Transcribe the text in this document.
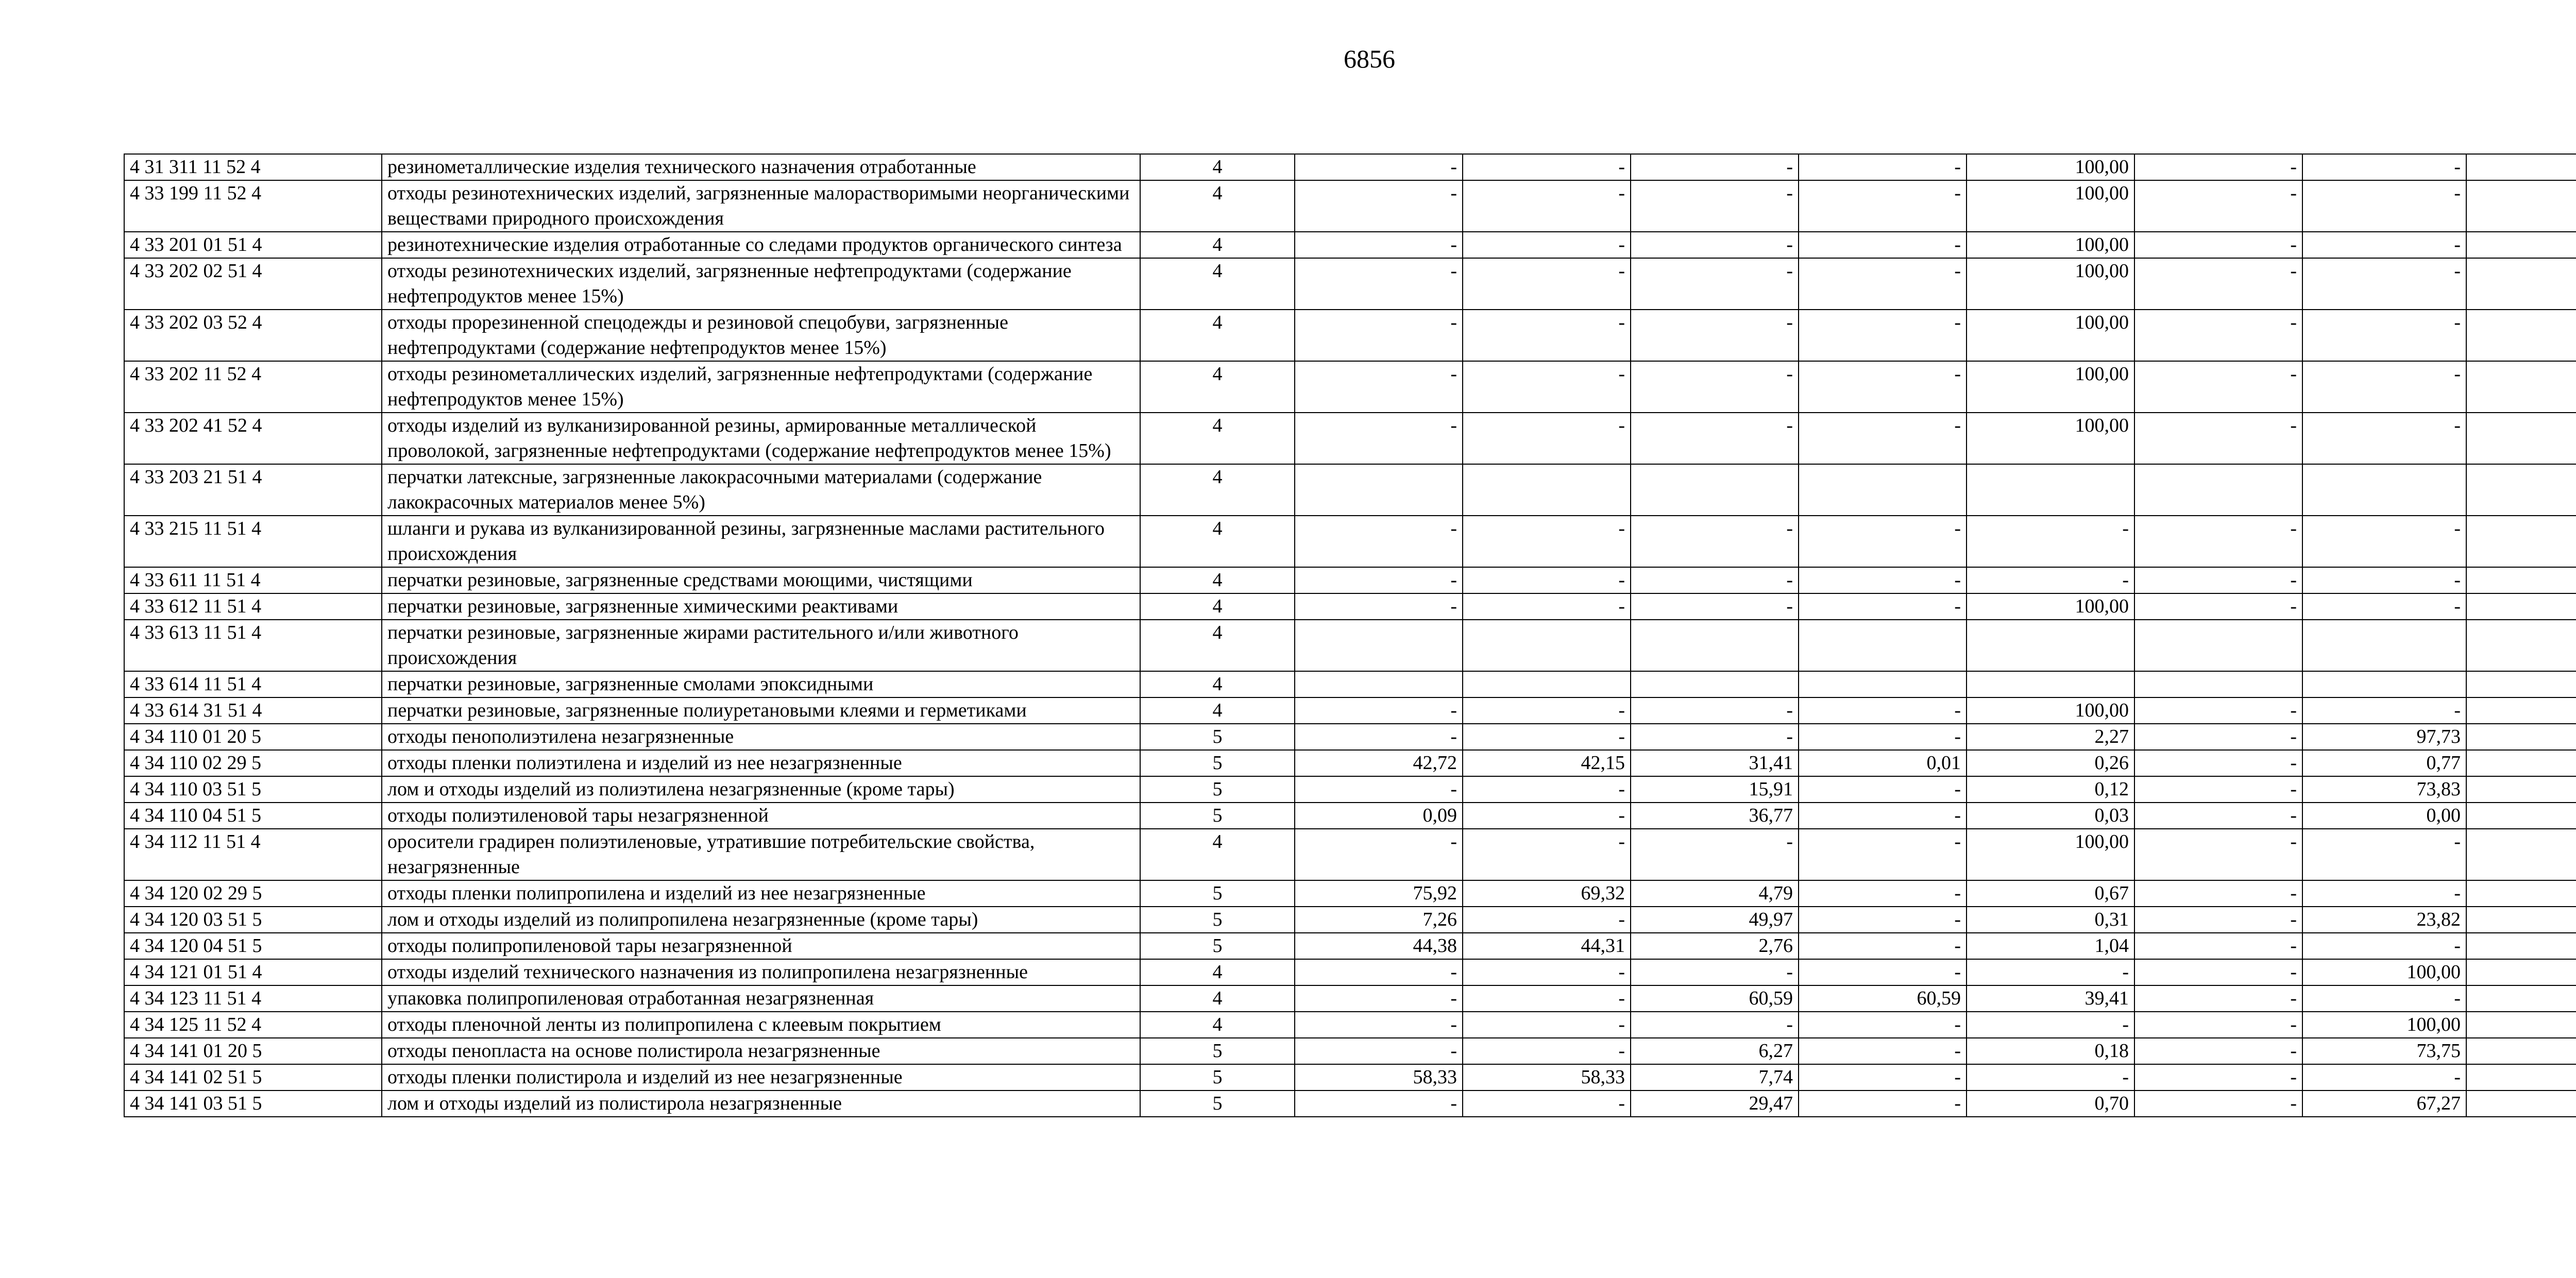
6856
4 31 311 11 52 4	резинометаллические изделия технического назначения отработанные	4	-	-	-	-	100,00	-	-	
4 33 199 11 52 4	отходы резинотехнических изделий, загрязненные малорастворимыми неорганическими веществами природного происхождения	4	-	-	-	-	100,00	-	-	
4 33 201 01 51 4	резинотехнические изделия отработанные со следами продуктов органического синтеза	4	-	-	-	-	100,00	-	-	
4 33 202 02 51 4	отходы резинотехнических изделий, загрязненные нефтепродуктами (содержание нефтепродуктов менее 15%)	4	-	-	-	-	100,00	-	-	
4 33 202 03 52 4	отходы прорезиненной спецодежды и резиновой спецобуви, загрязненные нефтепродуктами (содержание нефтепродуктов менее 15%)	4	-	-	-	-	100,00	-	-	
4 33 202 11 52 4	отходы резинометаллических изделий, загрязненные нефтепродуктами (содержание нефтепродуктов менее 15%)	4	-	-	-	-	100,00	-	-	
4 33 202 41 52 4	отходы изделий из вулканизированной резины, армированные металлической проволокой, загрязненные нефтепродуктами (содержание нефтепродуктов менее 15%)	4	-	-	-	-	100,00	-	-	
4 33 203 21 51 4	перчатки латексные, загрязненные лакокрасочными материалами (содержание лакокрасочных материалов менее 5%)	4								
4 33 215 11 51 4	шланги и рукава из вулканизированной резины, загрязненные маслами растительного происхождения	4	-	-	-	-	-	-	-	
4 33 611 11 51 4	перчатки резиновые, загрязненные средствами моющими, чистящими	4	-	-	-	-	-	-	-	
4 33 612 11 51 4	перчатки резиновые, загрязненные химическими реактивами	4	-	-	-	-	100,00	-	-	
4 33 613 11 51 4	перчатки резиновые, загрязненные жирами растительного и/или животного происхождения	4								
4 33 614 11 51 4	перчатки резиновые, загрязненные смолами эпоксидными	4								
4 33 614 31 51 4	перчатки резиновые, загрязненные полиуретановыми клеями и герметиками	4	-	-	-	-	100,00	-	-	
4 34 110 01 20 5	отходы пенополиэтилена незагрязненные	5	-	-	-	-	2,27	-	97,73	
4 34 110 02 29 5	отходы пленки полиэтилена и изделий из нее незагрязненные	5	42,72	42,15	31,41	0,01	0,26	-	0,77	
4 34 110 03 51 5	лом и отходы изделий из полиэтилена незагрязненные (кроме тары)	5	-	-	15,91	-	0,12	-	73,83	
4 34 110 04 51 5	отходы полиэтиленовой тары незагрязненной	5	0,09	-	36,77	-	0,03	-	0,00	
4 34 112 11 51 4	оросители градирен полиэтиленовые, утратившие потребительские свойства, незагрязненные	4	-	-	-	-	100,00	-	-	
4 34 120 02 29 5	отходы пленки полипропилена и изделий из нее незагрязненные	5	75,92	69,32	4,79	-	0,67	-	-	
4 34 120 03 51 5	лом и отходы изделий из полипропилена незагрязненные (кроме тары)	5	7,26	-	49,97	-	0,31	-	23,82	
4 34 120 04 51 5	отходы полипропиленовой тары незагрязненной	5	44,38	44,31	2,76	-	1,04	-	-	
4 34 121 01 51 4	отходы изделий технического назначения из полипропилена незагрязненные	4	-	-	-	-	-	-	100,00	
4 34 123 11 51 4	упаковка полипропиленовая отработанная незагрязненная	4	-	-	60,59	60,59	39,41	-	-	
4 34 125 11 52 4	отходы пленочной ленты из полипропилена с клеевым покрытием	4	-	-	-	-	-	-	100,00	
4 34 141 01 20 5	отходы пенопласта на основе полистирола незагрязненные	5	-	-	6,27	-	0,18	-	73,75	
4 34 141 02 51 5	отходы пленки полистирола и изделий из нее незагрязненные	5	58,33	58,33	7,74	-	-	-	-	
4 34 141 03 51 5	лом и отходы изделий из полистирола незагрязненные	5	-	-	29,47	-	0,70	-	67,27	
